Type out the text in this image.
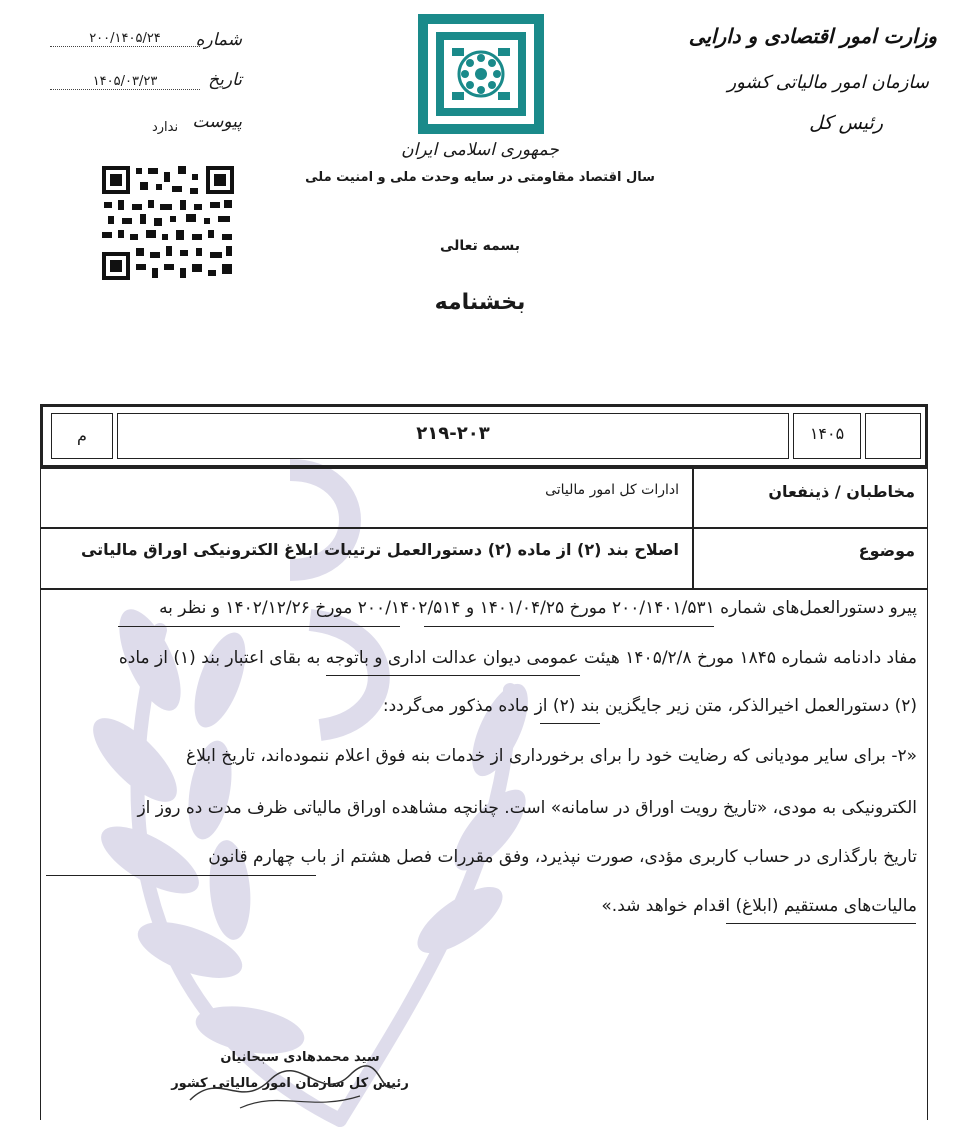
وزارت امور اقتصادی و دارایی
سازمان امور مالیاتی کشور
رئیس کل
جمهوری اسلامی ایران
سال اقتصاد مقاومتی در سایه وحدت ملی و امنیت ملی
شماره
۲۰۰/۱۴۰۵/۲۴
تاریخ
۱۴۰۵/۰۳/۲۳
پیوست
ندارد
بسمه تعالی
بخشنامه
م	۲۱۹-۲۰۳	۱۴۰۵
مخاطبان / ذینفعان
ادارات کل امور مالیاتی
موضوع
اصلاح بند (۲) از ماده (۲) دستورالعمل ترتیبات ابلاغ الکترونیکی اوراق مالیاتی
پیرو دستورالعمل‌های شماره ۲۰۰/۱۴۰۱/۵۳۱ مورخ ۱۴۰۱/۰۴/۲۵ و ۲۰۰/۱۴۰۲/۵۱۴ مورخ ۱۴۰۲/۱۲/۲۶ و نظر به
مفاد دادنامه شماره ۱۸۴۵ مورخ ۱۴۰۵/۲/۸ هیئت عمومی دیوان عدالت اداری و باتوجه به بقای اعتبار بند (۱) از ماده
(۲) دستورالعمل اخیرالذکر، متن زیر جایگزین بند (۲) از ماده مذکور می‌گردد:
«۲- برای سایر مودیانی که رضایت خود را برای برخورداری از خدمات بنه فوق اعلام ننموده‌اند، تاریخ ابلاغ
الکترونیکی به مودی، «تاریخ رویت اوراق در سامانه» است. چنانچه مشاهده اوراق مالیاتی ظرف مدت ده روز از
تاریخ بارگذاری در حساب کاربری مؤدی، صورت نپذیرد، وفق مقررات فصل هشتم از باب چهارم قانون
مالیات‌های مستقیم (ابلاغ) اقدام خواهد شد.»
سید محمدهادی سبحانیان
رئیس کل سازمان امور مالیاتی کشور
